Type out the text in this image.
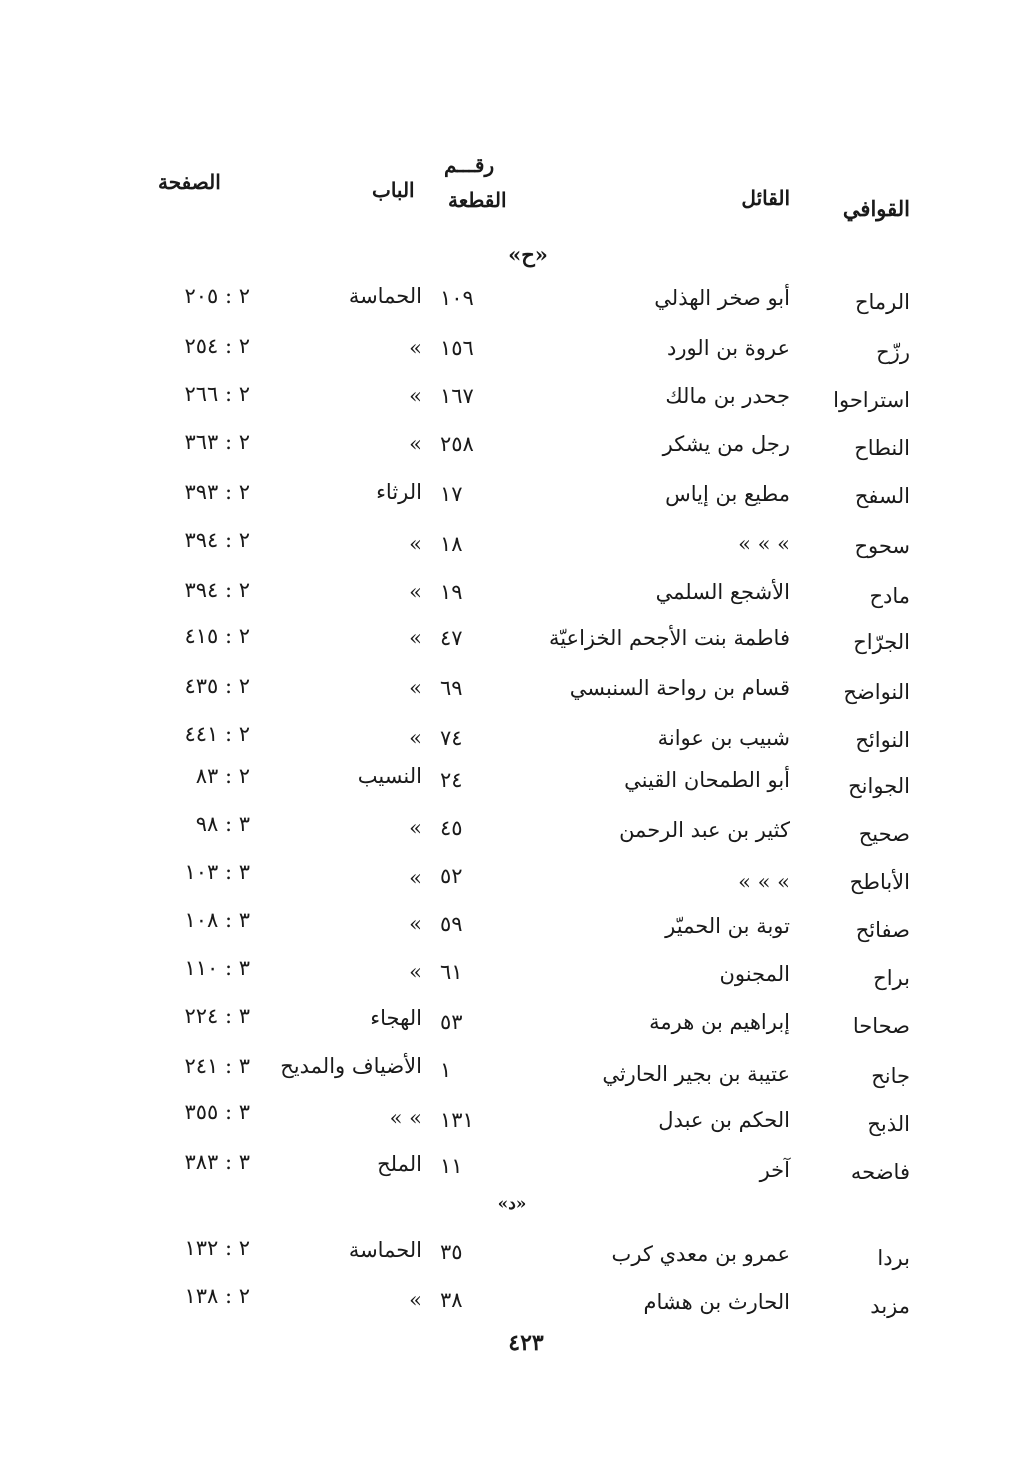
القوافي
القائل
رقـــم
القطعة
الباب
الصفحة
«ح»
الرماح
أبو صخر الهذلي
١٠٩
الحماسة
٢ : ٢٠٥
رزّح
عروة بن الورد
١٥٦
»
٢ : ٢٥٤
استراحوا
جحدر بن مالك
١٦٧
»
٢ : ٢٦٦
النطاح
رجل من يشكر
٢٥٨
»
٢ : ٣٦٣
السفح
مطيع بن إياس
١٧
الرثاء
٢ : ٣٩٣
سحوح
» » »
١٨
»
٢ : ٣٩٤
مادح
الأشجع السلمي
١٩
»
٢ : ٣٩٤
الجرّاح
فاطمة بنت الأجحم الخزاعيّة
٤٧
»
٢ : ٤١٥
النواضح
قسام بن رواحة السنبسي
٦٩
»
٢ : ٤٣٥
النوائح
شبيب بن عوانة
٧٤
»
٢ : ٤٤١
الجوانح
أبو الطمحان القيني
٢٤
النسيب
٢ : ٨٣
صحيح
كثير بن عبد الرحمن
٤٥
»
٣ : ٩٨
الأباطح
» » »
٥٢
»
٣ : ١٠٣
صفائح
توبة بن الحميّر
٥٩
»
٣ : ١٠٨
براح
المجنون
٦١
»
٣ : ١١٠
صحاحا
إبراهيم بن هرمة
٥٣
الهجاء
٣ : ٢٢٤
جانح
عتيبة بن بجير الحارثي
١
الأضياف والمديح
٣ : ٢٤١
الذبح
الحكم بن عبدل
١٣١
» »
٣ : ٣٥٥
فاضحه
آخر
١١
الملح
٣ : ٣٨٣
«د»
بردا
عمرو بن معدي كرب
٣٥
الحماسة
٢ : ١٣٢
مزبد
الحارث بن هشام
٣٨
»
٢ : ١٣٨
٤٢٣
